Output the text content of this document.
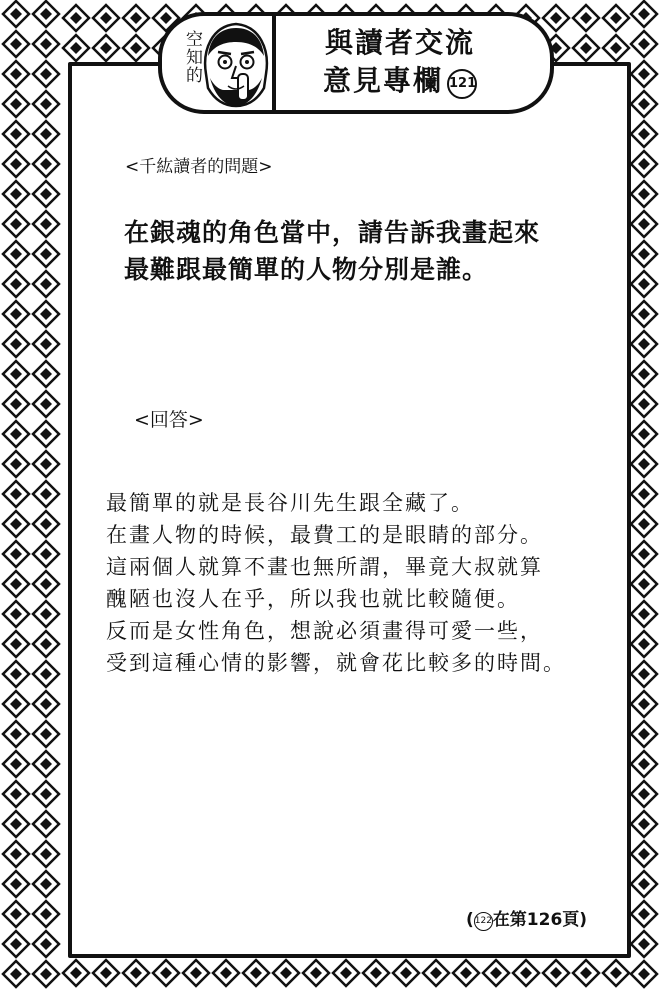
空知的	與讀者交流
意見專欄 121
<千紘讀者的問題>
在銀魂的角色當中，請告訴我畫起來
最難跟最簡單的人物分別是誰。
<回答>
最簡單的就是長谷川先生跟全藏了。
在畫人物的時候，最費工的是眼睛的部分。
這兩個人就算不畫也無所謂，畢竟大叔就算
醜陋也沒人在乎，所以我也就比較隨便。
反而是女性角色，想說必須畫得可愛一些，
受到這種心情的影響，就會花比較多的時間。
(122在第126頁)
